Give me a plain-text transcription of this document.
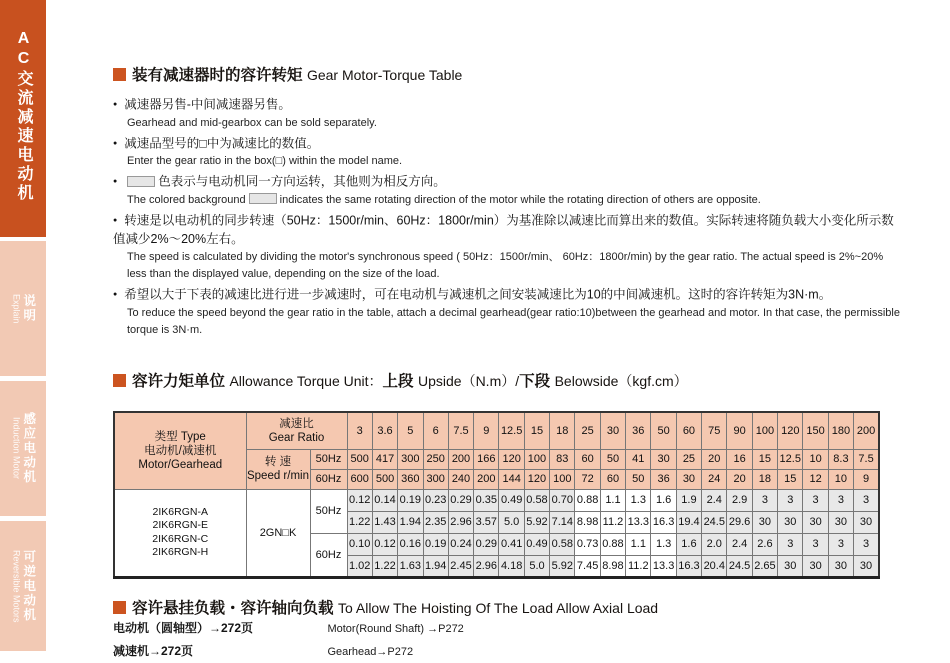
AC交流减速电动机
Explain 说明
Induction Motor 感应电动机
Reversible Motors 可逆电动机
装有减速器时的容许转矩 Gear Motor-Torque Table
● 减速器另售-中间减速器另售。
Gearhead and mid-gearbox can be sold separately.
● 减速品型号的□中为减速比的数值。
Enter the gear ratio in the box(□) within the model name.
●	色表示与电动机同一方向运转，其他则为相反方向。
The colored background	indicates the same rotating direction of the motor while the rotating direction of others are opposite.
● 转速是以电动机的同步转速（50Hz：1500r/min、60Hz：1800r/min）为基准除以减速比而算出来的数值。实际转速将随负载大小变化所示数值减少2%～20%左右。
The speed is calculated by dividing the motor's synchronous speed ( 50Hz：1500r/min、 60Hz：1800r/min) by the gear ratio. The actual speed is 2%~20% less than the displayed value, depending on the size of the load.
● 希望以大于下表的减速比进行进一步减速时，可在电动机与减速机之间安装减速比为10的中间减速机。这时的容许转矩为3N·m。
To reduce the speed beyond the gear ratio in the table, attach a decimal gearhead(gear ratio:10)between the gearhead and motor. In that case, the permissible torque is 3N·m.
容许力矩单位 Allowance Torque Unit：上段 Upside（N.m）/下段 Belowside（kgf.cm）
类型 Type
电动机/减速机
Motor/Gearhead	减速比
Gear Ratio		3	3.6	5	6	7.5	9	12.5	15	18	25	30	36	50	60	75	90	100	120	150	180	200
	转 速
Speed r/min	50Hz	500	417	300	250	200	166	120	100	83	60	50	41	30	25	20	16	15	12.5	10	8.3	7.5
		60Hz	600	500	360	300	240	200	144	120	100	72	60	50	36	30	24	20	18	15	12	10	9
2IK6RGN-A
2IK6RGN-E
2IK6RGN-C
2IK6RGN-H	2GN□K	50Hz	0.12	0.14	0.19	0.23	0.29	0.35	0.49	0.58	0.70	0.88	1.1	1.3	1.6	1.9	2.4	2.9	3	3	3	3	3
			1.22	1.43	1.94	2.35	2.96	3.57	5.0	5.92	7.14	8.98	11.2	13.3	16.3	19.4	24.5	29.6	30	30	30	30	30
		60Hz	0.10	0.12	0.16	0.19	0.24	0.29	0.41	0.49	0.58	0.73	0.88	1.1	1.3	1.6	2.0	2.4	2.6	3	3	3	3
			1.02	1.22	1.63	1.94	2.45	2.96	4.18	5.0	5.92	7.45	8.98	11.2	13.3	16.3	20.4	24.5	2.65	30	30	30	30
容许悬挂负载・容许轴向负载 To Allow The Hoisting Of The Load Allow Axial Load
电动机（圆轴型）→272页	Motor(Round Shaft) →P272
减速机→272页	Gearhead→P272
